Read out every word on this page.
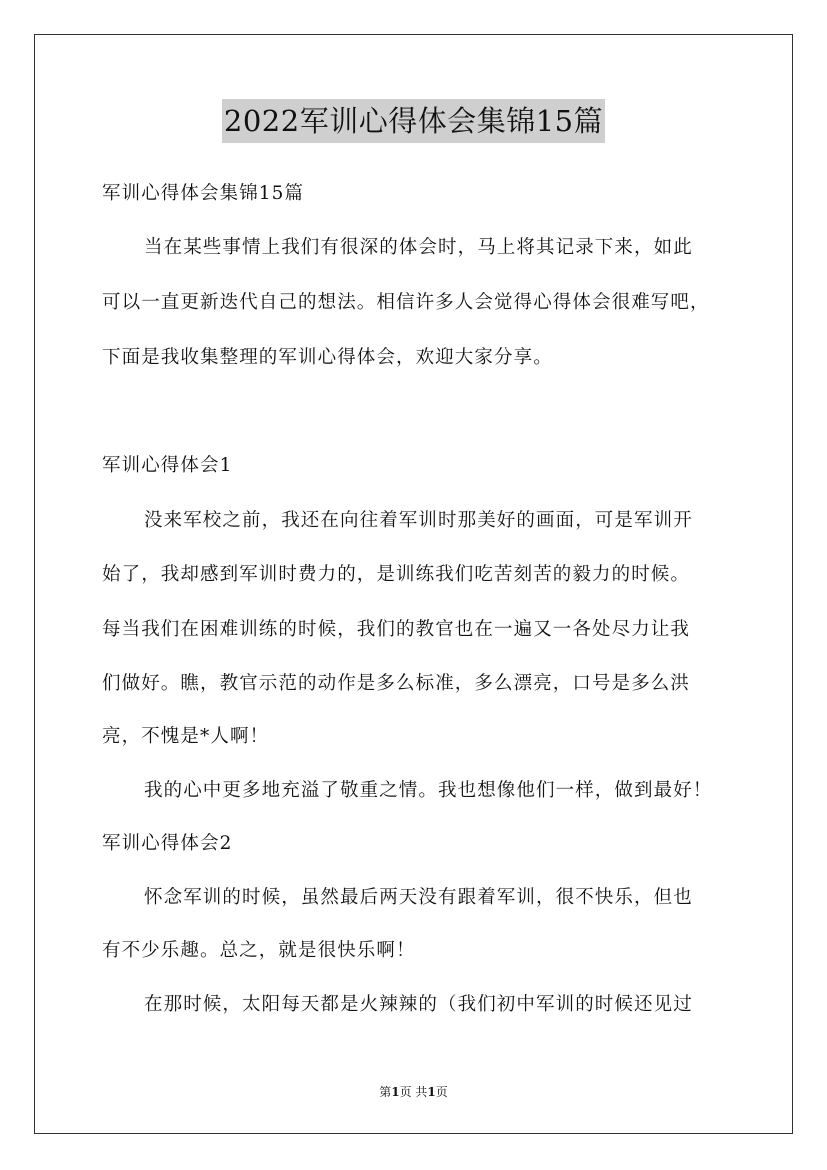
2022军训心得体会集锦15篇
军训心得体会集锦15篇
当在某些事情上我们有很深的体会时，马上将其记录下来，如此
可以一直更新迭代自己的想法。相信许多人会觉得心得体会很难写吧，
下面是我收集整理的军训心得体会，欢迎大家分享。
军训心得体会1
没来军校之前，我还在向往着军训时那美好的画面，可是军训开
始了，我却感到军训时费力的，是训练我们吃苦刻苦的毅力的时候。
每当我们在困难训练的时候，我们的教官也在一遍又一各处尽力让我
们做好。瞧，教官示范的动作是多么标准，多么漂亮，口号是多么洪
亮，不愧是*人啊！
我的心中更多地充溢了敬重之情。我也想像他们一样，做到最好！
军训心得体会2
怀念军训的时候，虽然最后两天没有跟着军训，很不快乐，但也
有不少乐趣。总之，就是很快乐啊！
在那时候，太阳每天都是火辣辣的（我们初中军训的时候还见过
第1页 共1页
